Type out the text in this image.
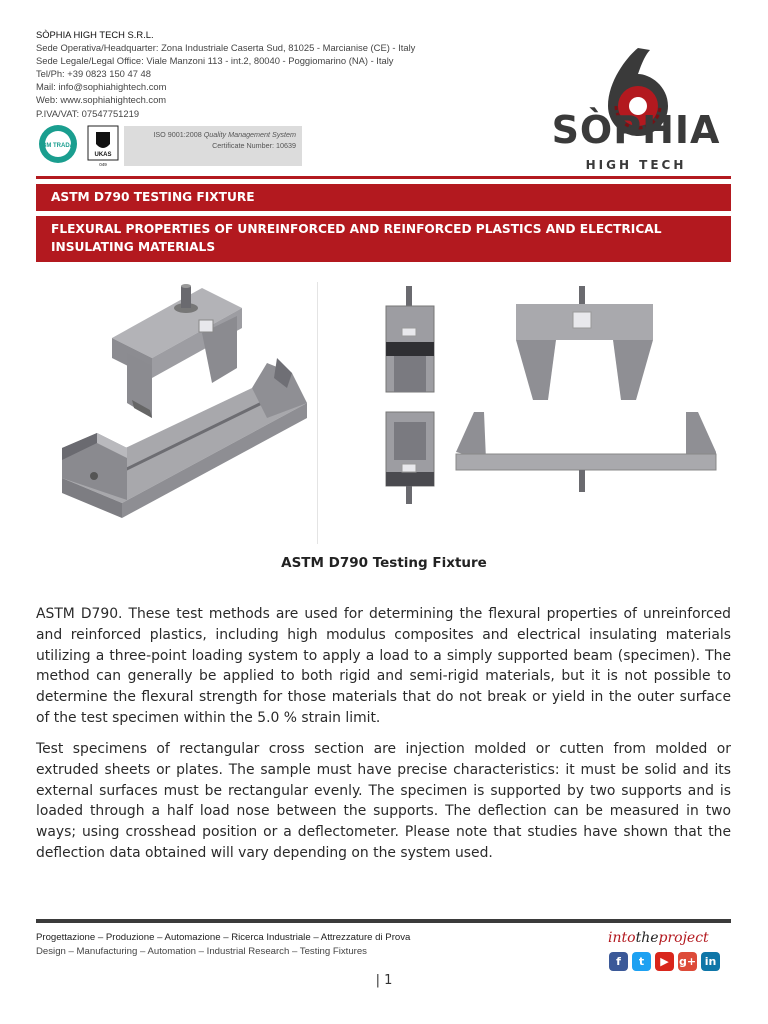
SÒPHIA HIGH TECH S.R.L.
Sede Operativa/Headquarter: Zona Industriale Caserta Sud, 81025 - Marcianise (CE) - Italy
Sede Legale/Legal Office: Viale Manzoni 113 - int.2, 80040 - Poggiomarino (NA) - Italy
Tel/Ph: +39 0823 150 47 48
Mail: info@sophiahightech.com
Web: www.sophiahightech.com
P.IVA/VAT: 07547751219
BM TRADA
UKAS
049
ISO 9001:2008 Quality Management System
Certificate Number: 10639	SÒPHIA
HIGH TECH
ASTM D790 TESTING FIXTURE
FLEXURAL PROPERTIES OF UNREINFORCED AND REINFORCED PLASTICS AND ELECTRICAL INSULATING MATERIALS
ASTM D790 Testing Fixture

ASTM D790. These test methods are used for determining the flexural properties of unreinforced and reinforced plastics, including high modulus composites and electrical insulating materials utilizing a three-point loading system to apply a load to a simply supported beam (specimen). The method can generally be applied to both rigid and semi-rigid materials, but it is not possible to determine the flexural strength for those materials that do not break or yield in the outer surface of the test specimen within the 5.0 % strain limit.

Test specimens of rectangular cross section are injection molded or cutten from molded or extruded sheets or plates. The sample must have precise characteristics: it must be solid and its external surfaces must be rectangular evenly. The specimen is supported by two supports and is loaded through a half load nose between the supports. The deflection can be measured in two ways; using crosshead position or a deflectometer. Please note that studies have shown that the deflection data obtained will vary depending on the system used.

Progettazione – Produzione – Automazione – Ricerca Industriale – Attrezzature di Prova
Design – Manufacturing – Automation – Industrial Research – Testing Fixtures
intotheproject
f	t	▶ g+ in
| 1
